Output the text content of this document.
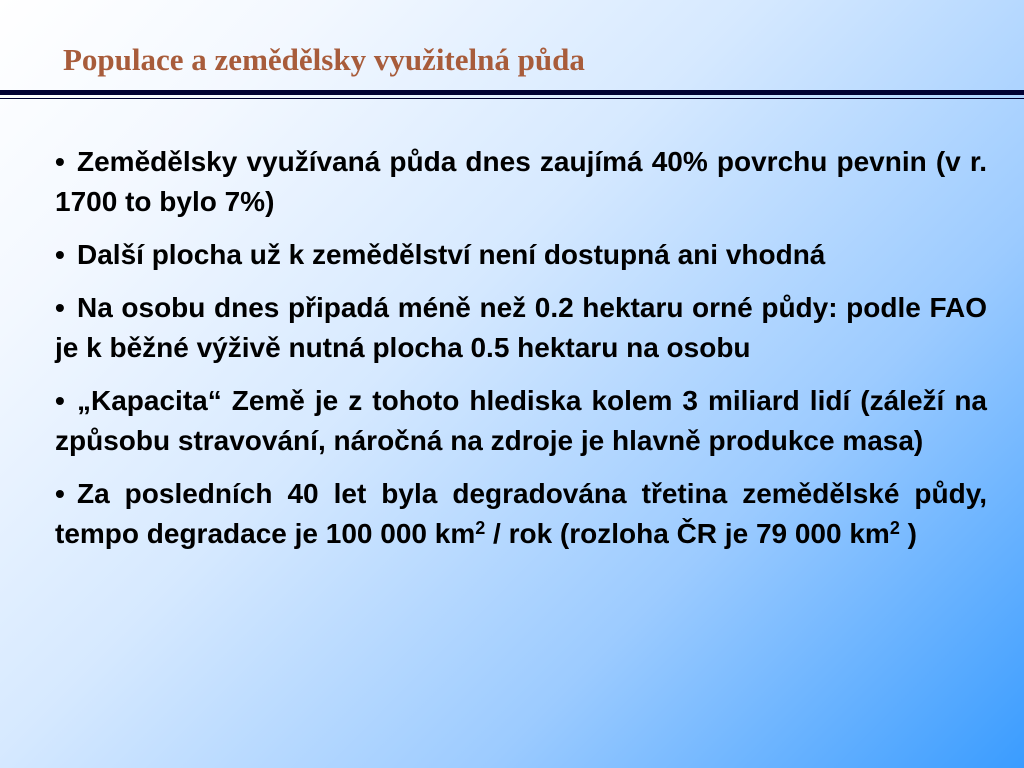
Populace a zemědělsky využitelná půda
• Zemědělsky využívaná půda dnes zaujímá 40% povrchu pevnin (v r. 1700 to bylo 7%)
• Další plocha už k zemědělství není dostupná ani vhodná
• Na osobu dnes připadá méně než 0.2 hektaru orné půdy: podle FAO je k běžné výživě nutná plocha 0.5 hektaru na osobu
• „Kapacita“ Země je z tohoto hlediska kolem 3 miliard lidí (záleží na způsobu stravování, náročná na zdroje je hlavně produkce masa)
• Za posledních 40 let byla degradována třetina zemědělské půdy, tempo degradace je 100 000 $km^2$ / rok (rozloha ČR je 79 000 $km^2$ )
